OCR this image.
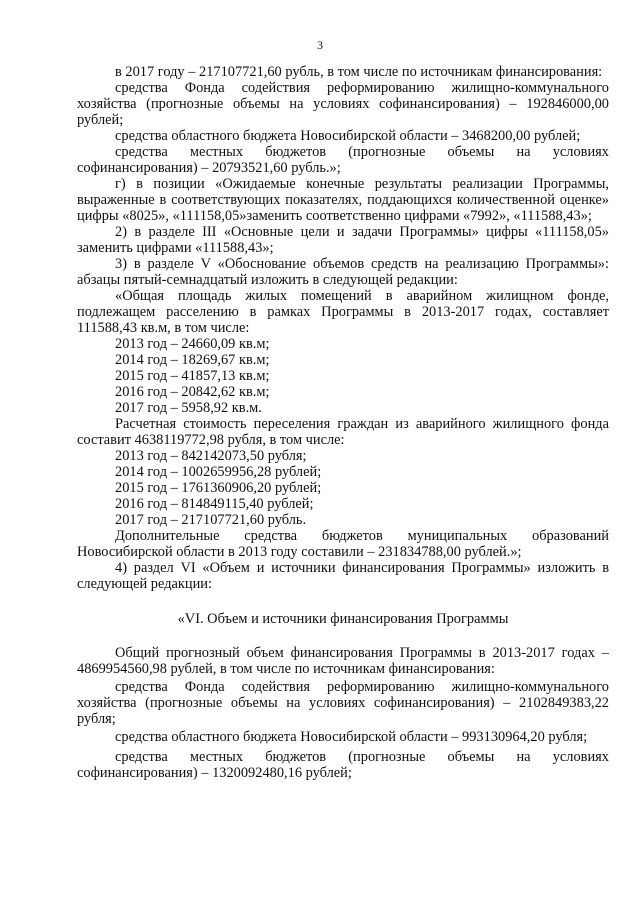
3

в 2017 году – 217107721,60 рубль, в том числе по источникам финансирования:

средства Фонда содействия реформированию жилищно-коммунального хозяйства (прогнозные объемы на условиях софинансирования) – 192846000,00 рублей;

средства областного бюджета Новосибирской области – 3468200,00 рублей;

средства местных бюджетов (прогнозные объемы на условиях софинансирования) – 20793521,60 рубль.»;

г) в позиции «Ожидаемые конечные результаты реализации Программы, выраженные в соответствующих показателях, поддающихся количественной оценке» цифры «8025», «111158,05»заменить соответственно цифрами «7992», «111588,43»;

2) в разделе III «Основные цели и задачи Программы» цифры «111158,05» заменить цифрами «111588,43»;

3) в разделе V «Обоснование объемов средств на реализацию Программы»: абзацы пятый-семнадцатый изложить в следующей редакции:

«Общая площадь жилых помещений в аварийном жилищном фонде, подлежащем расселению в рамках Программы в 2013-2017 годах, составляет 111588,43 кв.м, в том числе:

2013 год – 24660,09 кв.м;

2014 год – 18269,67 кв.м;

2015 год – 41857,13 кв.м;

2016 год – 20842,62 кв.м;

2017 год – 5958,92 кв.м.

Расчетная стоимость переселения граждан из аварийного жилищного фонда составит 4638119772,98 рубля, в том числе:

2013 год – 842142073,50 рубля;

2014 год – 1002659956,28 рублей;

2015 год – 1761360906,20 рублей;

2016 год – 814849115,40 рублей;

2017 год – 217107721,60 рубль.

Дополнительные средства бюджетов муниципальных образований Новосибирской области в 2013 году составили – 231834788,00 рублей.»;

4) раздел VI «Объем и источники финансирования Программы» изложить в следующей редакции:

«VI. Объем и источники финансирования Программы

Общий прогнозный объем финансирования Программы в 2013-2017 годах – 4869954560,98 рублей, в том числе по источникам финансирования:

средства Фонда содействия реформированию жилищно-коммунального хозяйства (прогнозные объемы на условиях софинансирования) – 2102849383,22 рубля;

средства областного бюджета Новосибирской области – 993130964,20 рубля;

средства местных бюджетов (прогнозные объемы на условиях софинансирования) – 1320092480,16 рублей;
